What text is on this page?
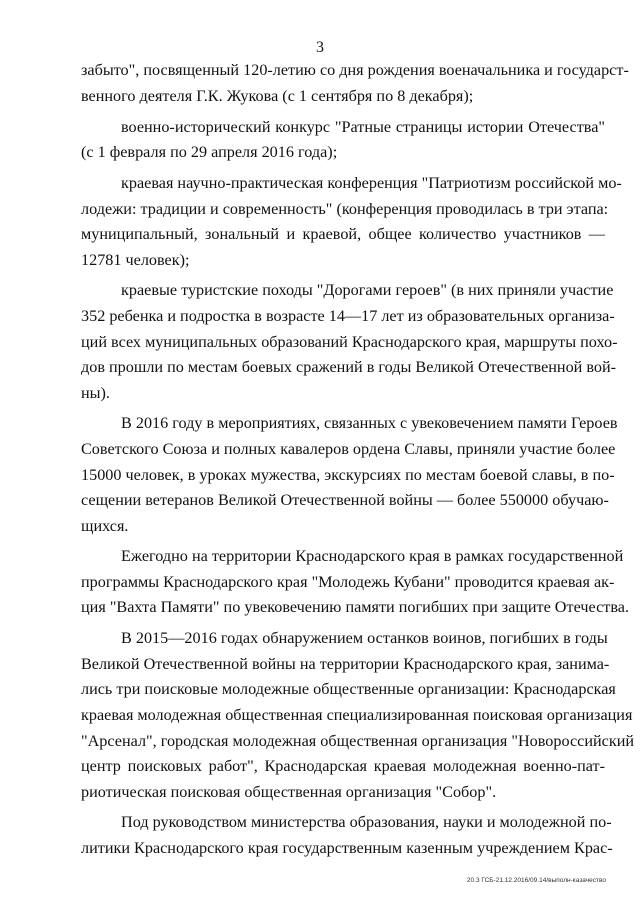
3
забыто", посвященный 120-летию со дня рождения военачальника и государст-
венного деятеля Г.К. Жукова (с 1 сентября по 8 декабря);
военно-исторический конкурс "Ратные страницы истории Отечества"
(с 1 февраля по 29 апреля 2016 года);
краевая научно-практическая конференция "Патриотизм российской мо-
лодежи: традиции и современность" (конференция проводилась в три этапа:
муниципальный, зональный и краевой, общее количество участников —
12781 человек);
краевые туристские походы "Дорогами героев" (в них приняли участие
352 ребенка и подростка в возрасте 14—17 лет из образовательных организа-
ций всех муниципальных образований Краснодарского края, маршруты похо-
дов прошли по местам боевых сражений в годы Великой Отечественной вой-
ны).
В 2016 году в мероприятиях, связанных с увековечением памяти Героев
Советского Союза и полных кавалеров ордена Славы, приняли участие более
15000 человек, в уроках мужества, экскурсиях по местам боевой славы, в по-
сещении ветеранов Великой Отечественной войны — более 550000 обучаю-
щихся.
Ежегодно на территории Краснодарского края в рамках государственной
программы Краснодарского края "Молодежь Кубани" проводится краевая ак-
ция "Вахта Памяти" по увековечению памяти погибших при защите Отечества.
В 2015—2016 годах обнаружением останков воинов, погибших в годы
Великой Отечественной войны на территории Краснодарского края, занима-
лись три поисковые молодежные общественные организации: Краснодарская
краевая молодежная общественная специализированная поисковая организация
"Арсенал", городская молодежная общественная организация "Новороссийский
центр поисковых работ", Краснодарская краевая молодежная военно-пат-
риотическая поисковая общественная организация "Собор".
Под руководством министерства образования, науки и молодежной по-
литики Краснодарского края государственным казенным учреждением Крас-
20.3 ГСБ-21.12.2016/09.14/выполн-казачество
